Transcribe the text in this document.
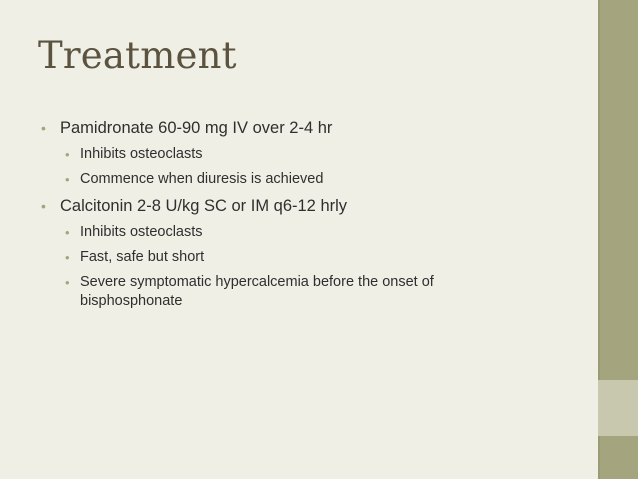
Treatment
• Pamidronate 60-90 mg IV over 2-4 hr
• Inhibits osteoclasts
• Commence when diuresis is achieved
• Calcitonin 2-8 U/kg SC or IM q6-12 hrly
• Inhibits osteoclasts
• Fast, safe but short
• Severe symptomatic hypercalcemia before the onset of bisphosphonate
